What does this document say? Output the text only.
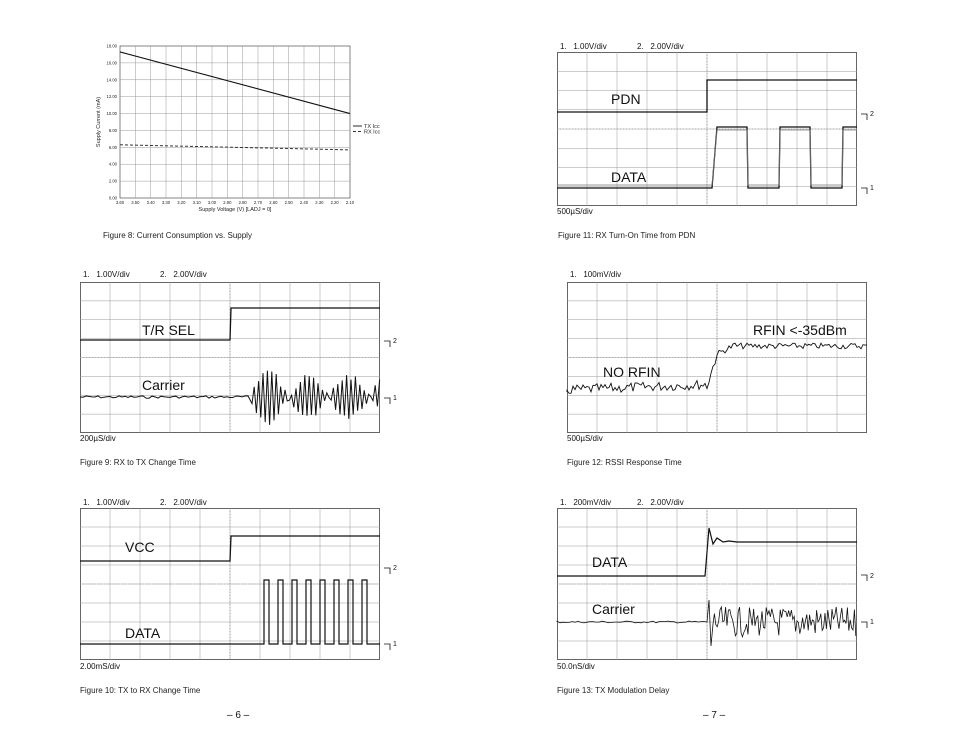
3.60 3.50 3.40 3.30 3.20 3.10 3.00 2.90 2.80 2.70 2.60 2.50 2.40 2.30 2.20 2.10
0.00
2.00
4.00
6.00
8.00
10.00
12.00
14.00
16.00
18.00
Supply Voltage (V) [LADJ = 0]
Supply Current (mA)	TX Icc
RX Icc
Figure 8: Current Consumption vs. Supply
1.   1.00V/div	2.   2.00V/div
PDN
DATA
2
1
500µS/div
Figure 11: RX Turn-On Time from PDN
1.   1.00V/div	2.   2.00V/div
T/R SEL
Carrier
2
1
200µS/div
Figure 9: RX to TX Change Time
1.   100mV/div
RFIN <-35dBm
NO RFIN
500µS/div
Figure 12: RSSI Response Time
1.   1.00V/div	2.   2.00V/div
VCC
DATA
2
1
2.00mS/div
Figure 10: TX to RX Change Time
1.   200mV/div	2.   2.00V/div
DATA
Carrier
2
1
50.0nS/div
Figure 13: TX Modulation Delay
– 6 –	– 7 –
